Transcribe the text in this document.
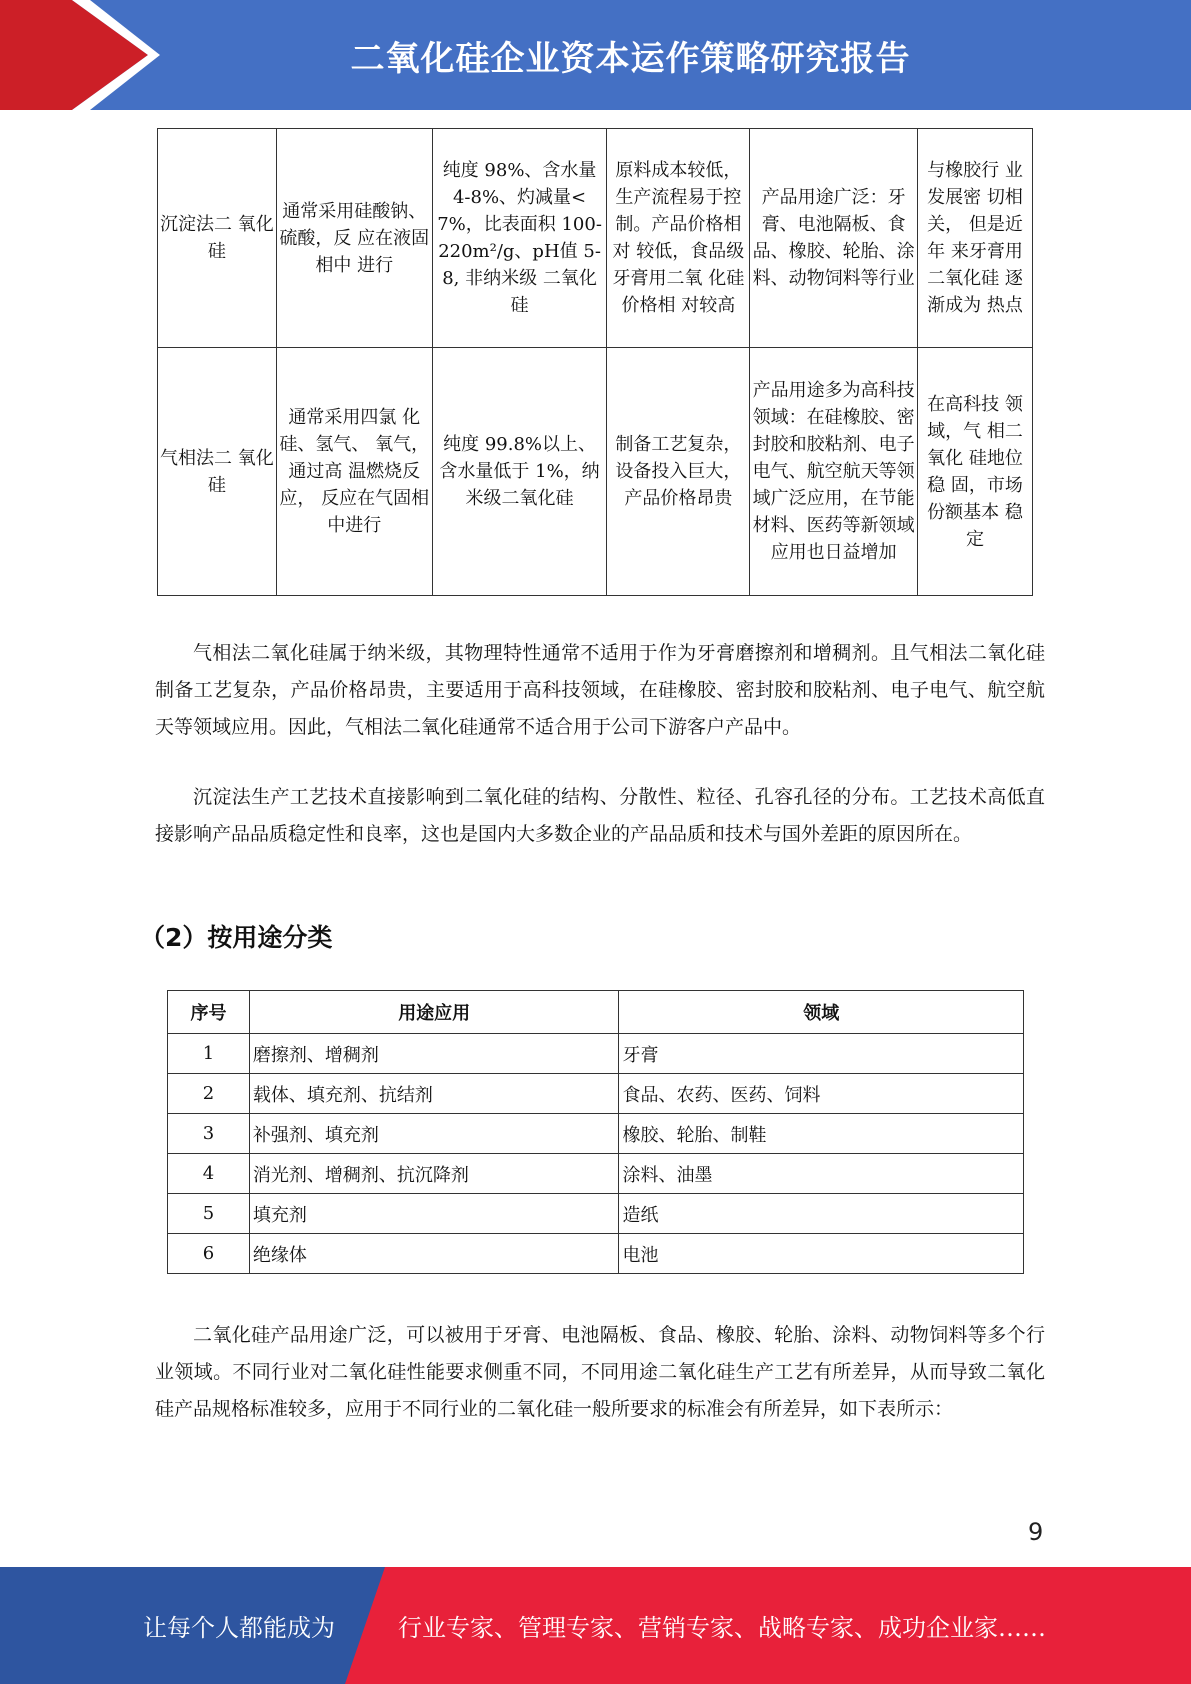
二氧化硅企业资本运作策略研究报告
沉淀法二 氧化硅	通常采用硅酸钠、硫酸，反 应在液固相中 进行	纯度 98%、含水量 4-8%、灼减量<7%，比表面积 100-220m²/g、pH值 5-8, 非纳米级 二氧化硅	原料成本较低，生产流程易于控制。产品价格相对 较低，食品级牙膏用二氧 化硅价格相 对较高	产品用途广泛：牙膏、电池隔板、食品、橡胶、轮胎、涂料、动物饲料等行业	与橡胶行 业发展密 切相关， 但是近年 来牙膏用二氧化硅 逐渐成为 热点
气相法二 氧化硅	通常采用四氯 化硅、氢气、 氧气，通过高 温燃烧反应， 反应在气固相 中进行	纯度 99.8%以上、含水量低于 1%，纳米级二氧化硅	制备工艺复杂，设备投入巨大，产品价格昂贵	产品用途多为高科技领域：在硅橡胶、密封胶和胶粘剂、电子电气、航空航天等领域广泛应用，在节能材料、医药等新领域应用也日益增加	在高科技 领域，气 相二氧化 硅地位稳 固，市场份额基本 稳定

气相法二氧化硅属于纳米级，其物理特性通常不适用于作为牙膏磨擦剂和增稠剂。且气相法二氧化硅制备工艺复杂，产品价格昂贵，主要适用于高科技领域，在硅橡胶、密封胶和胶粘剂、电子电气、航空航天等领域应用。因此，气相法二氧化硅通常不适合用于公司下游客户产品中。

沉淀法生产工艺技术直接影响到二氧化硅的结构、分散性、粒径、孔容孔径的分布。工艺技术高低直接影响产品品质稳定性和良率，这也是国内大多数企业的产品品质和技术与国外差距的原因所在。

（2）按用途分类
序号	用途应用	领域
1	磨擦剂、增稠剂	牙膏
2	载体、填充剂、抗结剂	食品、农药、医药、饲料
3	补强剂、填充剂	橡胶、轮胎、制鞋
4	消光剂、增稠剂、抗沉降剂	涂料、油墨
5	填充剂	造纸
6	绝缘体	电池

二氧化硅产品用途广泛，可以被用于牙膏、电池隔板、食品、橡胶、轮胎、涂料、动物饲料等多个行业领域。不同行业对二氧化硅性能要求侧重不同，不同用途二氧化硅生产工艺有所差异，从而导致二氧化硅产品规格标准较多，应用于不同行业的二氧化硅一般所要求的标准会有所差异，如下表所示：

9
让每个人都能成为	行业专家、管理专家、营销专家、战略专家、成功企业家……
